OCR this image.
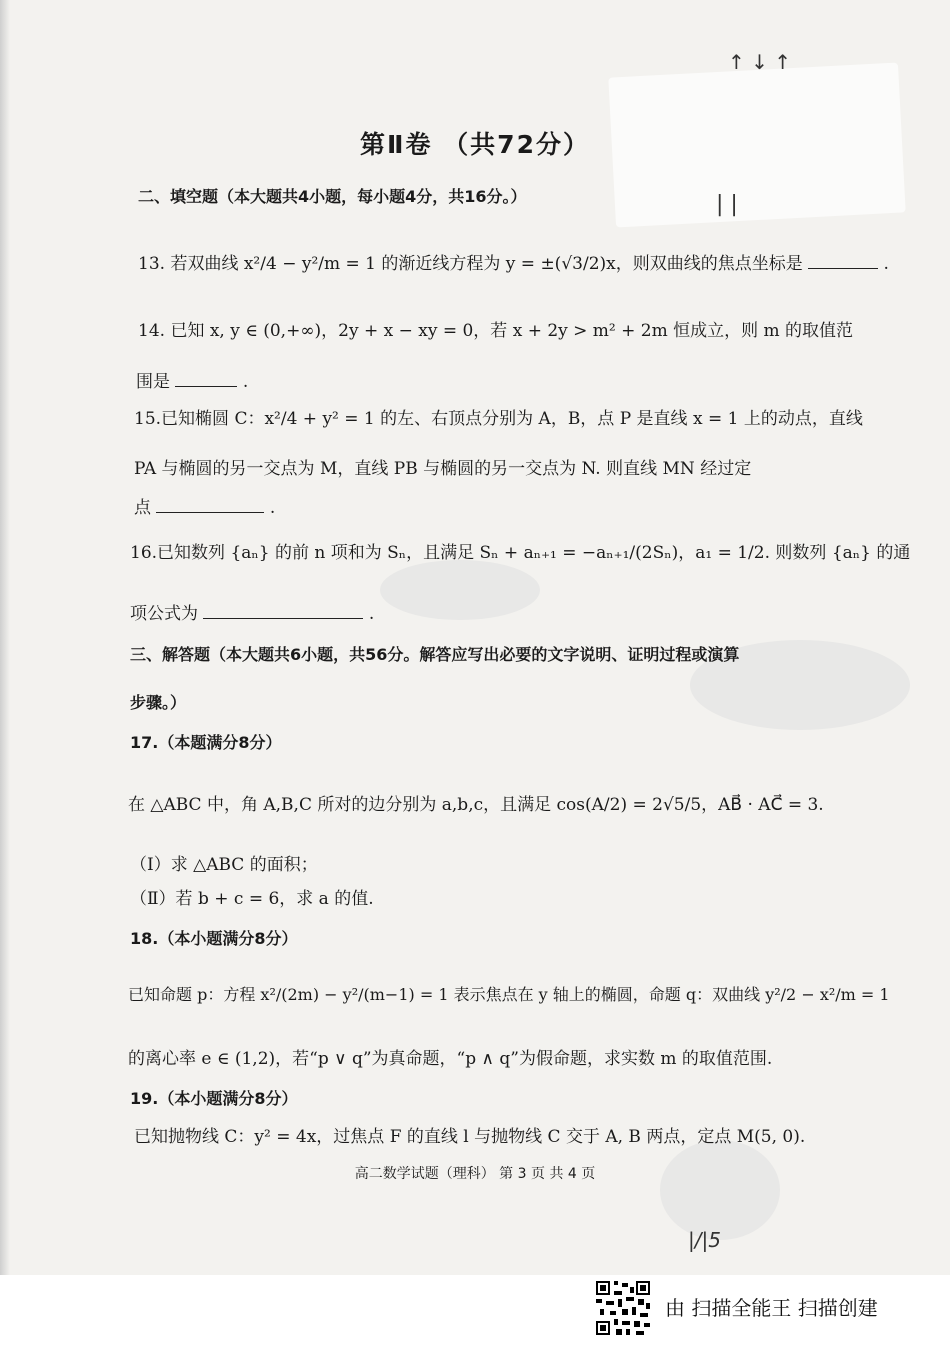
↑ ↓ ↑
| |
第Ⅱ卷 （共72分）
二、填空题（本大题共4小题，每小题4分，共16分。）
13. 若双曲线 x²/4 − y²/m = 1 的渐近线方程为 y = ±(√3/2)x，则双曲线的焦点坐标是	.
14. 已知 x, y ∈ (0,+∞)，2y + x − xy = 0，若 x + 2y > m² + 2m 恒成立，则 m 的取值范
围是	.
15.已知椭圆 C：x²/4 + y² = 1 的左、右顶点分别为 A，B，点 P 是直线 x = 1 上的动点，直线
PA 与椭圆的另一交点为 M，直线 PB 与椭圆的另一交点为 N. 则直线 MN 经过定
点	.
16.已知数列 {aₙ} 的前 n 项和为 Sₙ，且满足 Sₙ + aₙ₊₁ = −aₙ₊₁/(2Sₙ)，a₁ = 1/2. 则数列 {aₙ} 的通
项公式为	.
三、解答题（本大题共6小题，共56分。解答应写出必要的文字说明、证明过程或演算
步骤。）
17.（本题满分8分）
在 △ABC 中，角 A,B,C 所对的边分别为 a,b,c，且满足 cos(A/2) = 2√5/5，AB⃗ · AC⃗ = 3.
（Ⅰ）求 △ABC 的面积；
（Ⅱ）若 b + c = 6，求 a 的值.
18.（本小题满分8分）
已知命题 p：方程 x²/(2m) − y²/(m−1) = 1 表示焦点在 y 轴上的椭圆，命题 q：双曲线 y²/2 − x²/m = 1
的离心率 e ∈ (1,2)，若“p ∨ q”为真命题，“p ∧ q”为假命题，求实数 m 的取值范围.
19.（本小题满分8分）
已知抛物线 C：y² = 4x，过焦点 F 的直线 l 与抛物线 C 交于 A, B 两点，定点 M(5, 0).
高二数学试题（理科） 第 3 页 共 4 页
|/|5
由 扫描全能王 扫描创建
